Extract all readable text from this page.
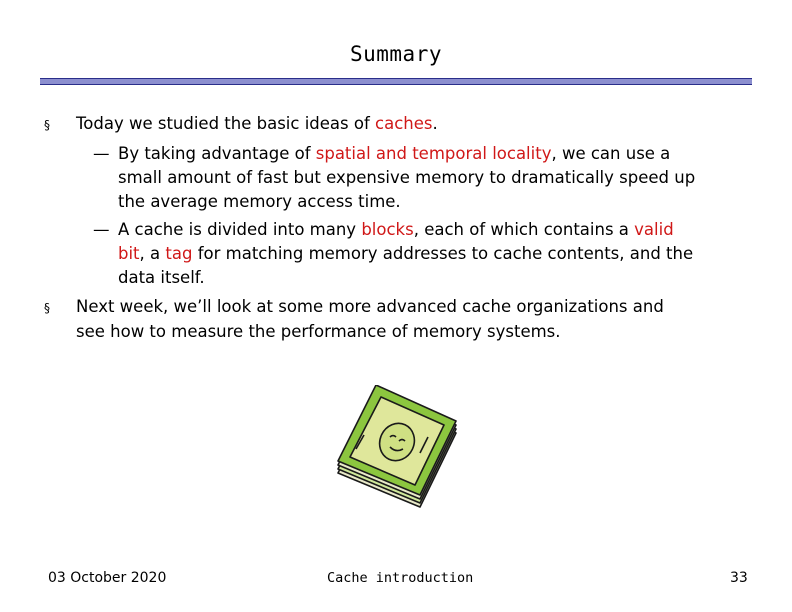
Summary
§ Today we studied the basic ideas of caches.
— By taking advantage of spatial and temporal locality, we can use a
small amount of fast but expensive memory to dramatically speed up
the average memory access time.
— A cache is divided into many blocks, each of which contains a valid
bit, a tag for matching memory addresses to cache contents, and the
data itself.
§ Next week, we’ll look at some more advanced cache organizations and
see how to measure the performance of memory systems.
03 October 2020	Cache introduction	33
